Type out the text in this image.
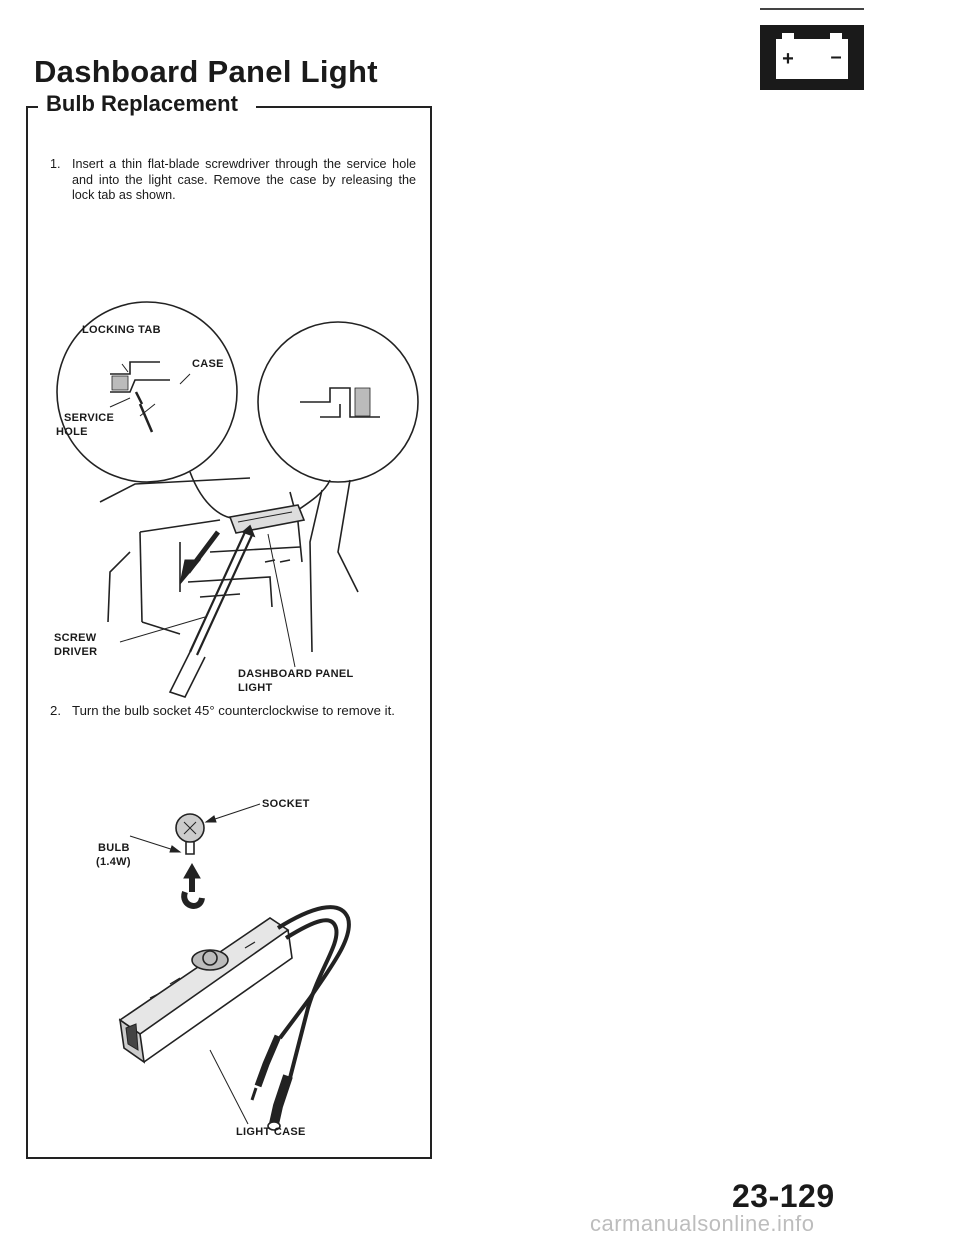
+ –
Dashboard Panel Light
Bulb Replacement
1. Insert a thin flat-blade screwdriver through the service hole and into the light case. Remove the case by releasing the lock tab as shown.
LOCKING TAB
CASE
SERVICE
HOLE
SCREW
DRIVER
DASHBOARD PANEL
LIGHT
2. Turn the bulb socket 45° counterclockwise to remove it.
SOCKET
BULB
(1.4W)
LIGHT CASE
23-129
carmanualsonline.info
